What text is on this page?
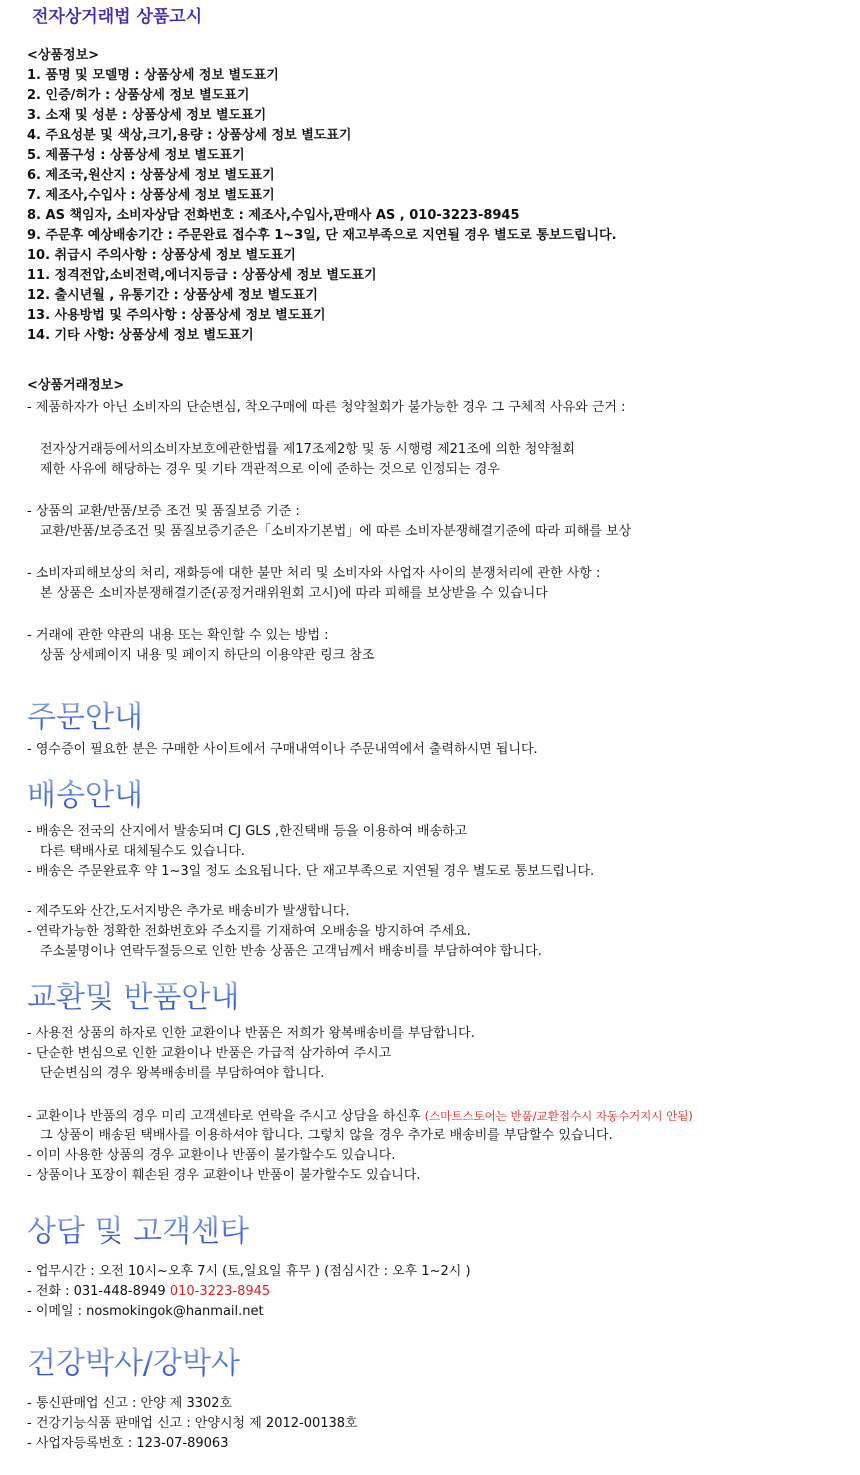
전자상거래법 상품고시
<상품정보>
1. 품명 및 모델명 : 상품상세 정보 별도표기
2. 인증/허가 : 상품상세 정보 별도표기
3. 소재 및 성분 : 상품상세 정보 별도표기
4. 주요성분 및 색상,크기,용량 : 상품상세 정보 별도표기
5. 제품구성 : 상품상세 정보 별도표기
6. 제조국,원산지 : 상품상세 정보 별도표기
7. 제조사,수입사 : 상품상세 정보 별도표기
8. AS 책임자, 소비자상담 전화번호 : 제조사,수입사,판매사 AS , 010-3223-8945
9. 주문후 예상배송기간 : 주문완료 접수후 1~3일, 단 재고부족으로 지연될 경우 별도로 통보드립니다.
10. 취급시 주의사항 : 상품상세 정보 별도표기
11. 정격전압,소비전력,에너지등급 : 상품상세 정보 별도표기
12. 출시년월 , 유통기간 : 상품상세 정보 별도표기
13. 사용방법 및 주의사항 : 상품상세 정보 별도표기
14. 기타 사항: 상품상세 정보 별도표기
<상품거래정보>
- 제품하자가 아닌 소비자의 단순변심, 착오구매에 따른 청약철회가 불가능한 경우 그 구체적 사유와 근거 :
전자상거래등에서의소비자보호에관한법률 제17조제2항 및 동 시행령 제21조에 의한 청약철회
제한 사유에 해당하는 경우 및 기타 객관적으로 이에 준하는 것으로 인정되는 경우
- 상품의 교환/반품/보증 조건 및 품질보증 기준 :
교환/반품/보증조건 및 품질보증기준은「소비자기본법」에 따른 소비자분쟁해결기준에 따라 피해를 보상
- 소비자피해보상의 처리, 재화등에 대한 불만 처리 및 소비자와 사업자 사이의 분쟁처리에 관한 사항 :
본 상품은 소비자분쟁해결기준(공정거래위원회 고시)에 따라 피해를 보상받을 수 있습니다
- 거래에 관한 약관의 내용 또는 확인할 수 있는 방법 :
상품 상세페이지 내용 및 페이지 하단의 이용약관 링크 참조
주문안내
- 영수증이 필요한 분은 구매한 사이트에서 구매내역이나 주문내역에서 출력하시면 됩니다.
배송안내
- 배송은 전국의 산지에서 발송되며 CJ GLS ,한진택배 등을 이용하여 배송하고
다른 택배사로 대체될수도 있습니다.
- 배송은 주문완료후 약 1~3일 정도 소요됩니다. 단 재고부족으로 지연될 경우 별도로 통보드립니다.
- 제주도와 산간,도서지방은 추가로 배송비가 발생합니다.
- 연락가능한 정확한 전화번호와 주소지를 기재하여 오배송을 방지하여 주세요.
주소불명이나 연락두절등으로 인한 반송 상품은 고객님께서 배송비를 부담하여야 합니다.
교환및 반품안내
- 사용전 상품의 하자로 인한 교환이나 반품은 저희가 왕복배송비를 부담합니다.
- 단순한 변심으로 인한 교환이나 반품은 가급적 삼가하여 주시고
단순변심의 경우 왕복배송비를 부담하여야 합니다.
- 교환이나 반품의 경우 미리 고객센타로 연락을 주시고 상담을 하신후 (스마트스토어는 반품/교환접수시 자동수거지시 안됨)
그 상품이 배송된 택배사를 이용하셔야 합니다. 그렇치 않을 경우 추가로 배송비를 부담할수 있습니다.
- 이미 사용한 상품의 경우 교환이나 반품이 불가할수도 있습니다.
- 상품이나 포장이 훼손된 경우 교환이나 반품이 불가할수도 있습니다.
상담 및 고객센타
- 업무시간 : 오전 10시~오후 7시 (토,일요일 휴무 ) (점심시간 : 오후 1~2시 )
- 전화 : 031-448-8949 010-3223-8945
- 이메일 : nosmokingok@hanmail.net
건강박사/강박사
- 통신판매업 신고 : 안양 제 3302호
- 건강기능식품 판매업 신고 : 안양시청 제 2012-00138호
- 사업자등록번호 : 123-07-89063
